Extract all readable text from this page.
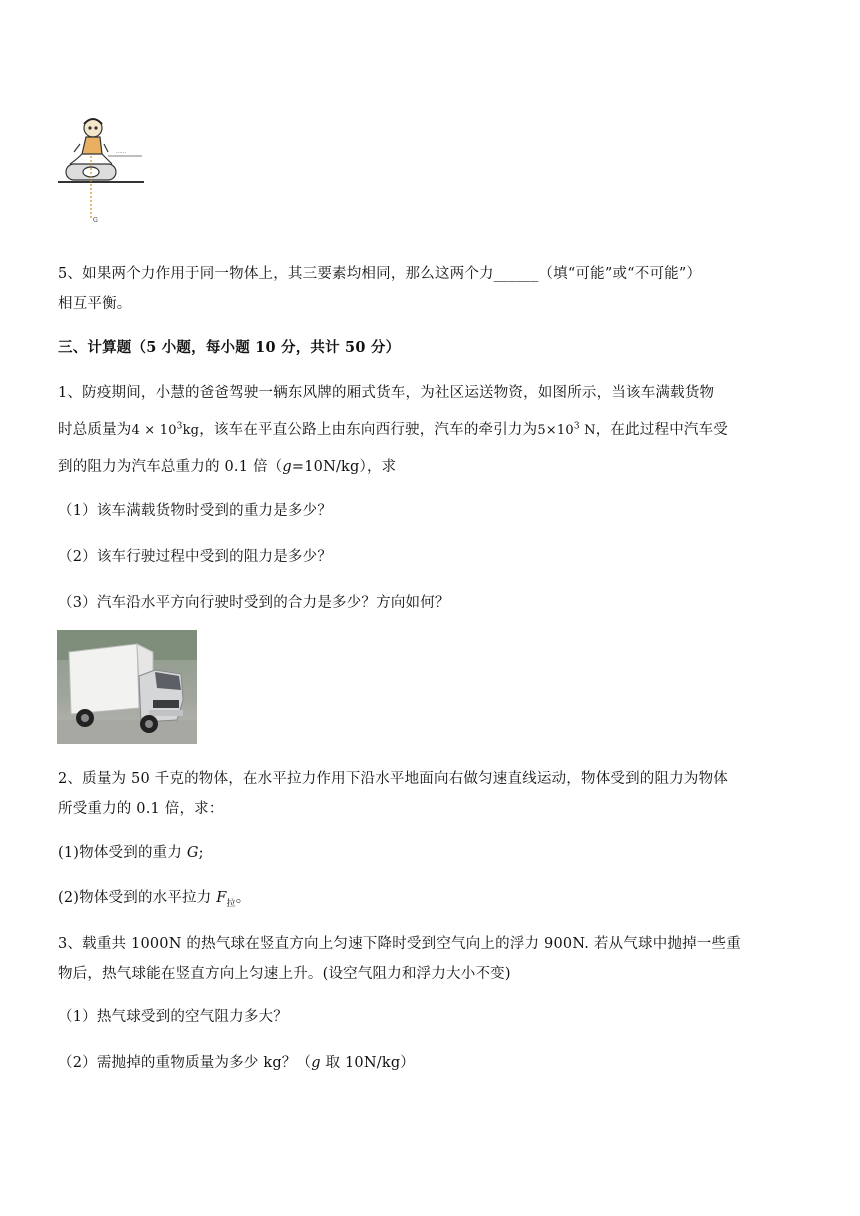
……
G
5、如果两个力作用于同一物体上，其三要素均相同，那么这两个力______（填“可能”或“不可能”）
相互平衡。
三、计算题（5 小题，每小题 10 分，共计 50 分）
1、防疫期间，小慧的爸爸驾驶一辆东风牌的厢式货车，为社区运送物资，如图所示，当该车满载货物
时总质量为$4 \times 10^3kg$，该车在平直公路上由东向西行驶，汽车的牵引力为$5\times 10^3$ N，在此过程中汽车受
到的阻力为汽车总重力的 0.1 倍（g=10N/kg），求
（1）该车满载货物时受到的重力是多少？
（2）该车行驶过程中受到的阻力是多少？
（3）汽车沿水平方向行驶时受到的合力是多少？方向如何？
2、质量为 50 千克的物体，在水平拉力作用下沿水平地面向右做匀速直线运动，物体受到的阻力为物体
所受重力的 0.1 倍，求：
(1)物体受到的重力 G;
(2)物体受到的水平拉力 $F_拉$。
3、载重共 1000N 的热气球在竖直方向上匀速下降时受到空气向上的浮力 900N. 若从气球中抛掉一些重
物后，热气球能在竖直方向上匀速上升。(设空气阻力和浮力大小不变)
（1）热气球受到的空气阻力多大？
（2）需抛掉的重物质量为多少 kg？（g 取 10N/kg）
